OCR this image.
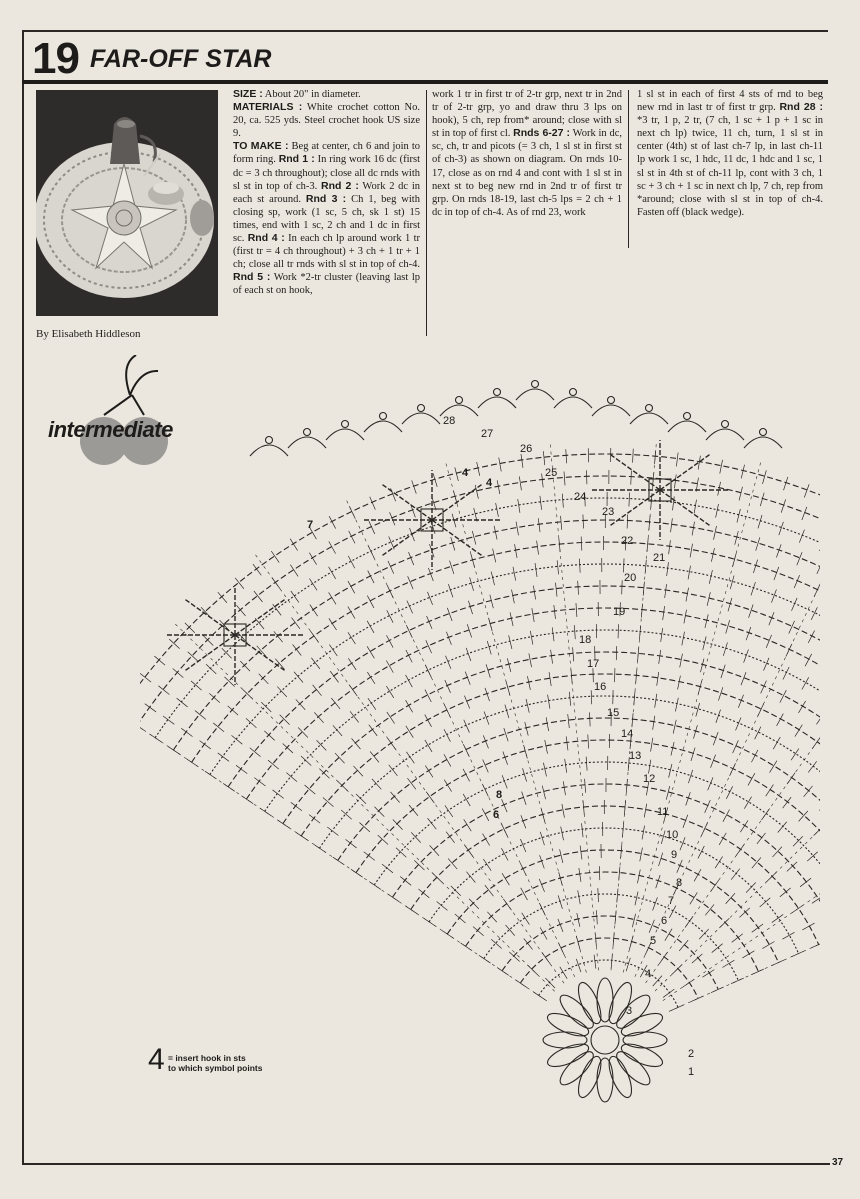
19 FAR-OFF STAR
By Elisabeth Hiddleson
intermediate

SIZE : About 20" in diameter.

MATERIALS : White crochet cotton No. 20, ca. 525 yds. Steel crochet hook US size 9.

TO MAKE : Beg at center, ch 6 and join to form ring. Rnd 1 : In ring work 16 dc (first dc = 3 ch throughout); close all dc rnds with sl st in top of ch-3. Rnd 2 : Work 2 dc in each st around. Rnd 3 : Ch 1, beg with closing sp, work (1 sc, 5 ch, sk 1 st) 15 times, end with 1 sc, 2 ch and 1 dc in first sc. Rnd 4 : In each ch lp around work 1 tr (first tr = 4 ch throughout) + 3 ch + 1 tr + 1 ch; close all tr rnds with sl st in top of ch-4. Rnd 5 : Work *2-tr cluster (leaving last lp of each st on hook,

work 1 tr in first tr of 2-tr grp, next tr in 2nd tr of 2-tr grp, yo and draw thru 3 lps on hook), 5 ch, rep from* around; close with sl st in top of first cl. Rnds 6-27 : Work in dc, sc, ch, tr and picots (= 3 ch, 1 sl st in first st of ch-3) as shown on diagram. On rnds 10-17, close as on rnd 4 and cont with 1 sl st in next st to beg new rnd in 2nd tr of first tr grp. On rnds 18-19, last ch-5 lps = 2 ch + 1 dc in top of ch-4. As of rnd 23, work

1 sl st in each of first 4 sts of rnd to beg new rnd in last tr of first tr grp. Rnd 28 : *3 tr, 1 p, 2 tr, (7 ch, 1 sc + 1 p + 1 sc in next ch lp) twice, 11 ch, turn, 1 sl st in center (4th) st of last ch-7 lp, in last ch-11 lp work 1 sc, 1 hdc, 11 dc, 1 hdc and 1 sc, 1 sl st in 4th st of ch-11 lp, cont with 3 ch, 1 sc + 3 ch + 1 sc in next ch lp, 7 ch, rep from *around; close with sl st in top of ch-4. Fasten off (black wedge).

1
2
3
4
5
6
7
8
9
10
11
12
13
14
15
16
17
18
19
20
21
22
23
24
25
26
27
28
4
4
7
6
8
4 = insert hook in sts
to which symbol points
37
